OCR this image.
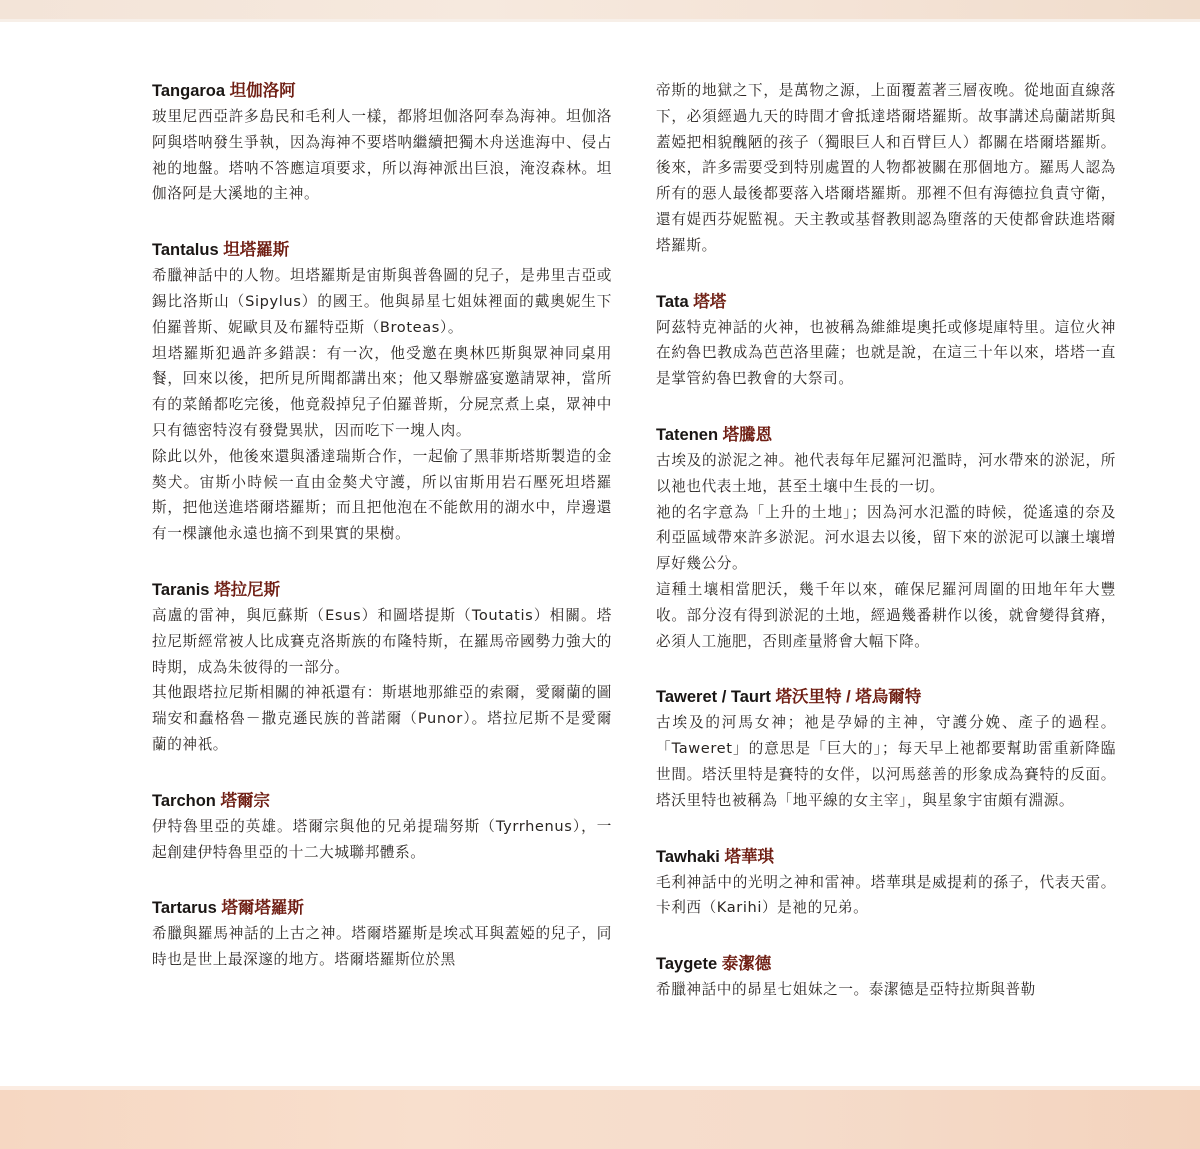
Tangaroa 坦伽洛阿

玻里尼西亞許多島民和毛利人一樣，都將坦伽洛阿奉為海神。坦伽洛阿與塔呐發生爭執，因為海神不要塔呐繼續把獨木舟送進海中、侵占祂的地盤。塔呐不答應這項要求，所以海神派出巨浪，淹沒森林。坦伽洛阿是大溪地的主神。

Tantalus 坦塔羅斯

希臘神話中的人物。坦塔羅斯是宙斯與普魯圖的兒子，是弗里吉亞或錫比洛斯山（Sipylus）的國王。他與昴星七姐妹裡面的戴奧妮生下伯羅普斯、妮歐貝及布羅特亞斯（Broteas）。

坦塔羅斯犯過許多錯誤：有一次，他受邀在奧林匹斯與眾神同桌用餐，回來以後，把所見所聞都講出來；他又舉辦盛宴邀請眾神，當所有的菜餚都吃完後，他竟殺掉兒子伯羅普斯，分屍烹煮上桌，眾神中只有德密特沒有發覺異狀，因而吃下一塊人肉。

除此以外，他後來還與潘達瑞斯合作，一起偷了黑菲斯塔斯製造的金獒犬。宙斯小時候一直由金獒犬守護，所以宙斯用岩石壓死坦塔羅斯，把他送進塔爾塔羅斯；而且把他泡在不能飲用的湖水中，岸邊還有一棵讓他永遠也摘不到果實的果樹。

Taranis 塔拉尼斯

高盧的雷神，與厄蘇斯（Esus）和圖塔提斯（Toutatis）相關。塔拉尼斯經常被人比成賽克洛斯族的布隆特斯，在羅馬帝國勢力強大的時期，成為朱彼得的一部分。

其他跟塔拉尼斯相關的神祇還有：斯堪地那維亞的索爾，愛爾蘭的圖瑞安和蠢格魯－撒克遜民族的普諾爾（Punor）。塔拉尼斯不是愛爾蘭的神祇。

Tarchon 塔爾宗

伊特魯里亞的英雄。塔爾宗與他的兄弟提瑞努斯（Tyrrhenus），一起創建伊特魯里亞的十二大城聯邦體系。

Tartarus 塔爾塔羅斯

希臘與羅馬神話的上古之神。塔爾塔羅斯是埃忒耳與蓋婭的兒子，同時也是世上最深邃的地方。塔爾塔羅斯位於黑

帝斯的地獄之下，是萬物之源，上面覆蓋著三層夜晚。從地面直線落下，必須經過九天的時間才會抵達塔爾塔羅斯。故事講述烏蘭諾斯與蓋婭把相貌醜陋的孩子（獨眼巨人和百臂巨人）都關在塔爾塔羅斯。後來，許多需要受到特別處置的人物都被關在那個地方。羅馬人認為所有的惡人最後都要落入塔爾塔羅斯。那裡不但有海德拉負責守衛，還有媞西芬妮監視。天主教或基督教則認為墮落的天使都會趺進塔爾塔羅斯。

Tata 塔塔

阿茲特克神話的火神，也被稱為維維堤奧托或修堤庫特里。這位火神在約魯巴教成為芭芭洛里薩；也就是說，在這三十年以來，塔塔一直是掌管約魯巴教會的大祭司。

Tatenen 塔騰恩

古埃及的淤泥之神。祂代表每年尼羅河氾濫時，河水帶來的淤泥，所以祂也代表土地，甚至土壤中生長的一切。

祂的名字意為「上升的土地」；因為河水氾濫的時候，從遙遠的奈及利亞區域帶來許多淤泥。河水退去以後，留下來的淤泥可以讓土壤增厚好幾公分。

這種土壤相當肥沃，幾千年以來，確保尼羅河周圍的田地年年大豐收。部分沒有得到淤泥的土地，經過幾番耕作以後，就會變得貧瘠，必須人工施肥，否則產量將會大幅下降。

Taweret / Taurt 塔沃里特 / 塔烏爾特

古埃及的河馬女神；祂是孕婦的主神，守護分娩、產子的過程。「Taweret」的意思是「巨大的」；每天早上祂都要幫助雷重新降臨世間。塔沃里特是賽特的女伴，以河馬慈善的形象成為賽特的反面。塔沃里特也被稱為「地平線的女主宰」，與星象宇宙頗有淵源。

Tawhaki 塔華琪

毛利神話中的光明之神和雷神。塔華琪是威提莉的孫子，代表天雷。卡利西（Karihi）是祂的兄弟。

Taygete 泰潔德

希臘神話中的昴星七姐妹之一。泰潔德是亞特拉斯與普勒
